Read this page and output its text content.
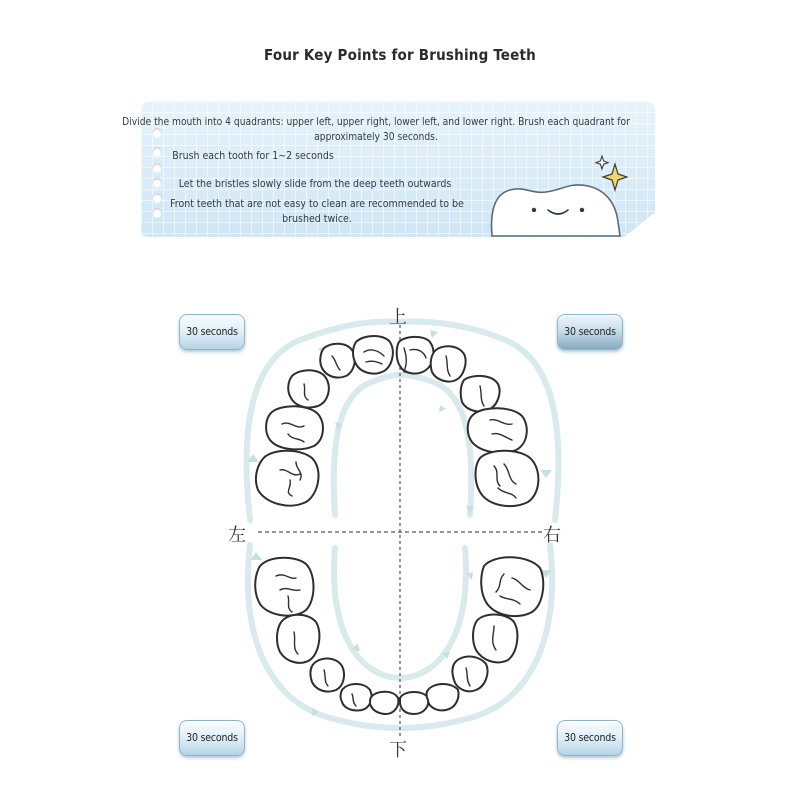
Four Key Points for Brushing Teeth
Divide the mouth into 4 quadrants: upper left, upper right, lower left, and lower right. Brush each quadrant for approximately 30 seconds.
Brush each tooth for 1~2 seconds
Let the bristles slowly slide from the deep teeth outwards
Front teeth that are not easy to clean are recommended to be brushed twice.
上
下
左	右
30 seconds	30 seconds
30 seconds	30 seconds
